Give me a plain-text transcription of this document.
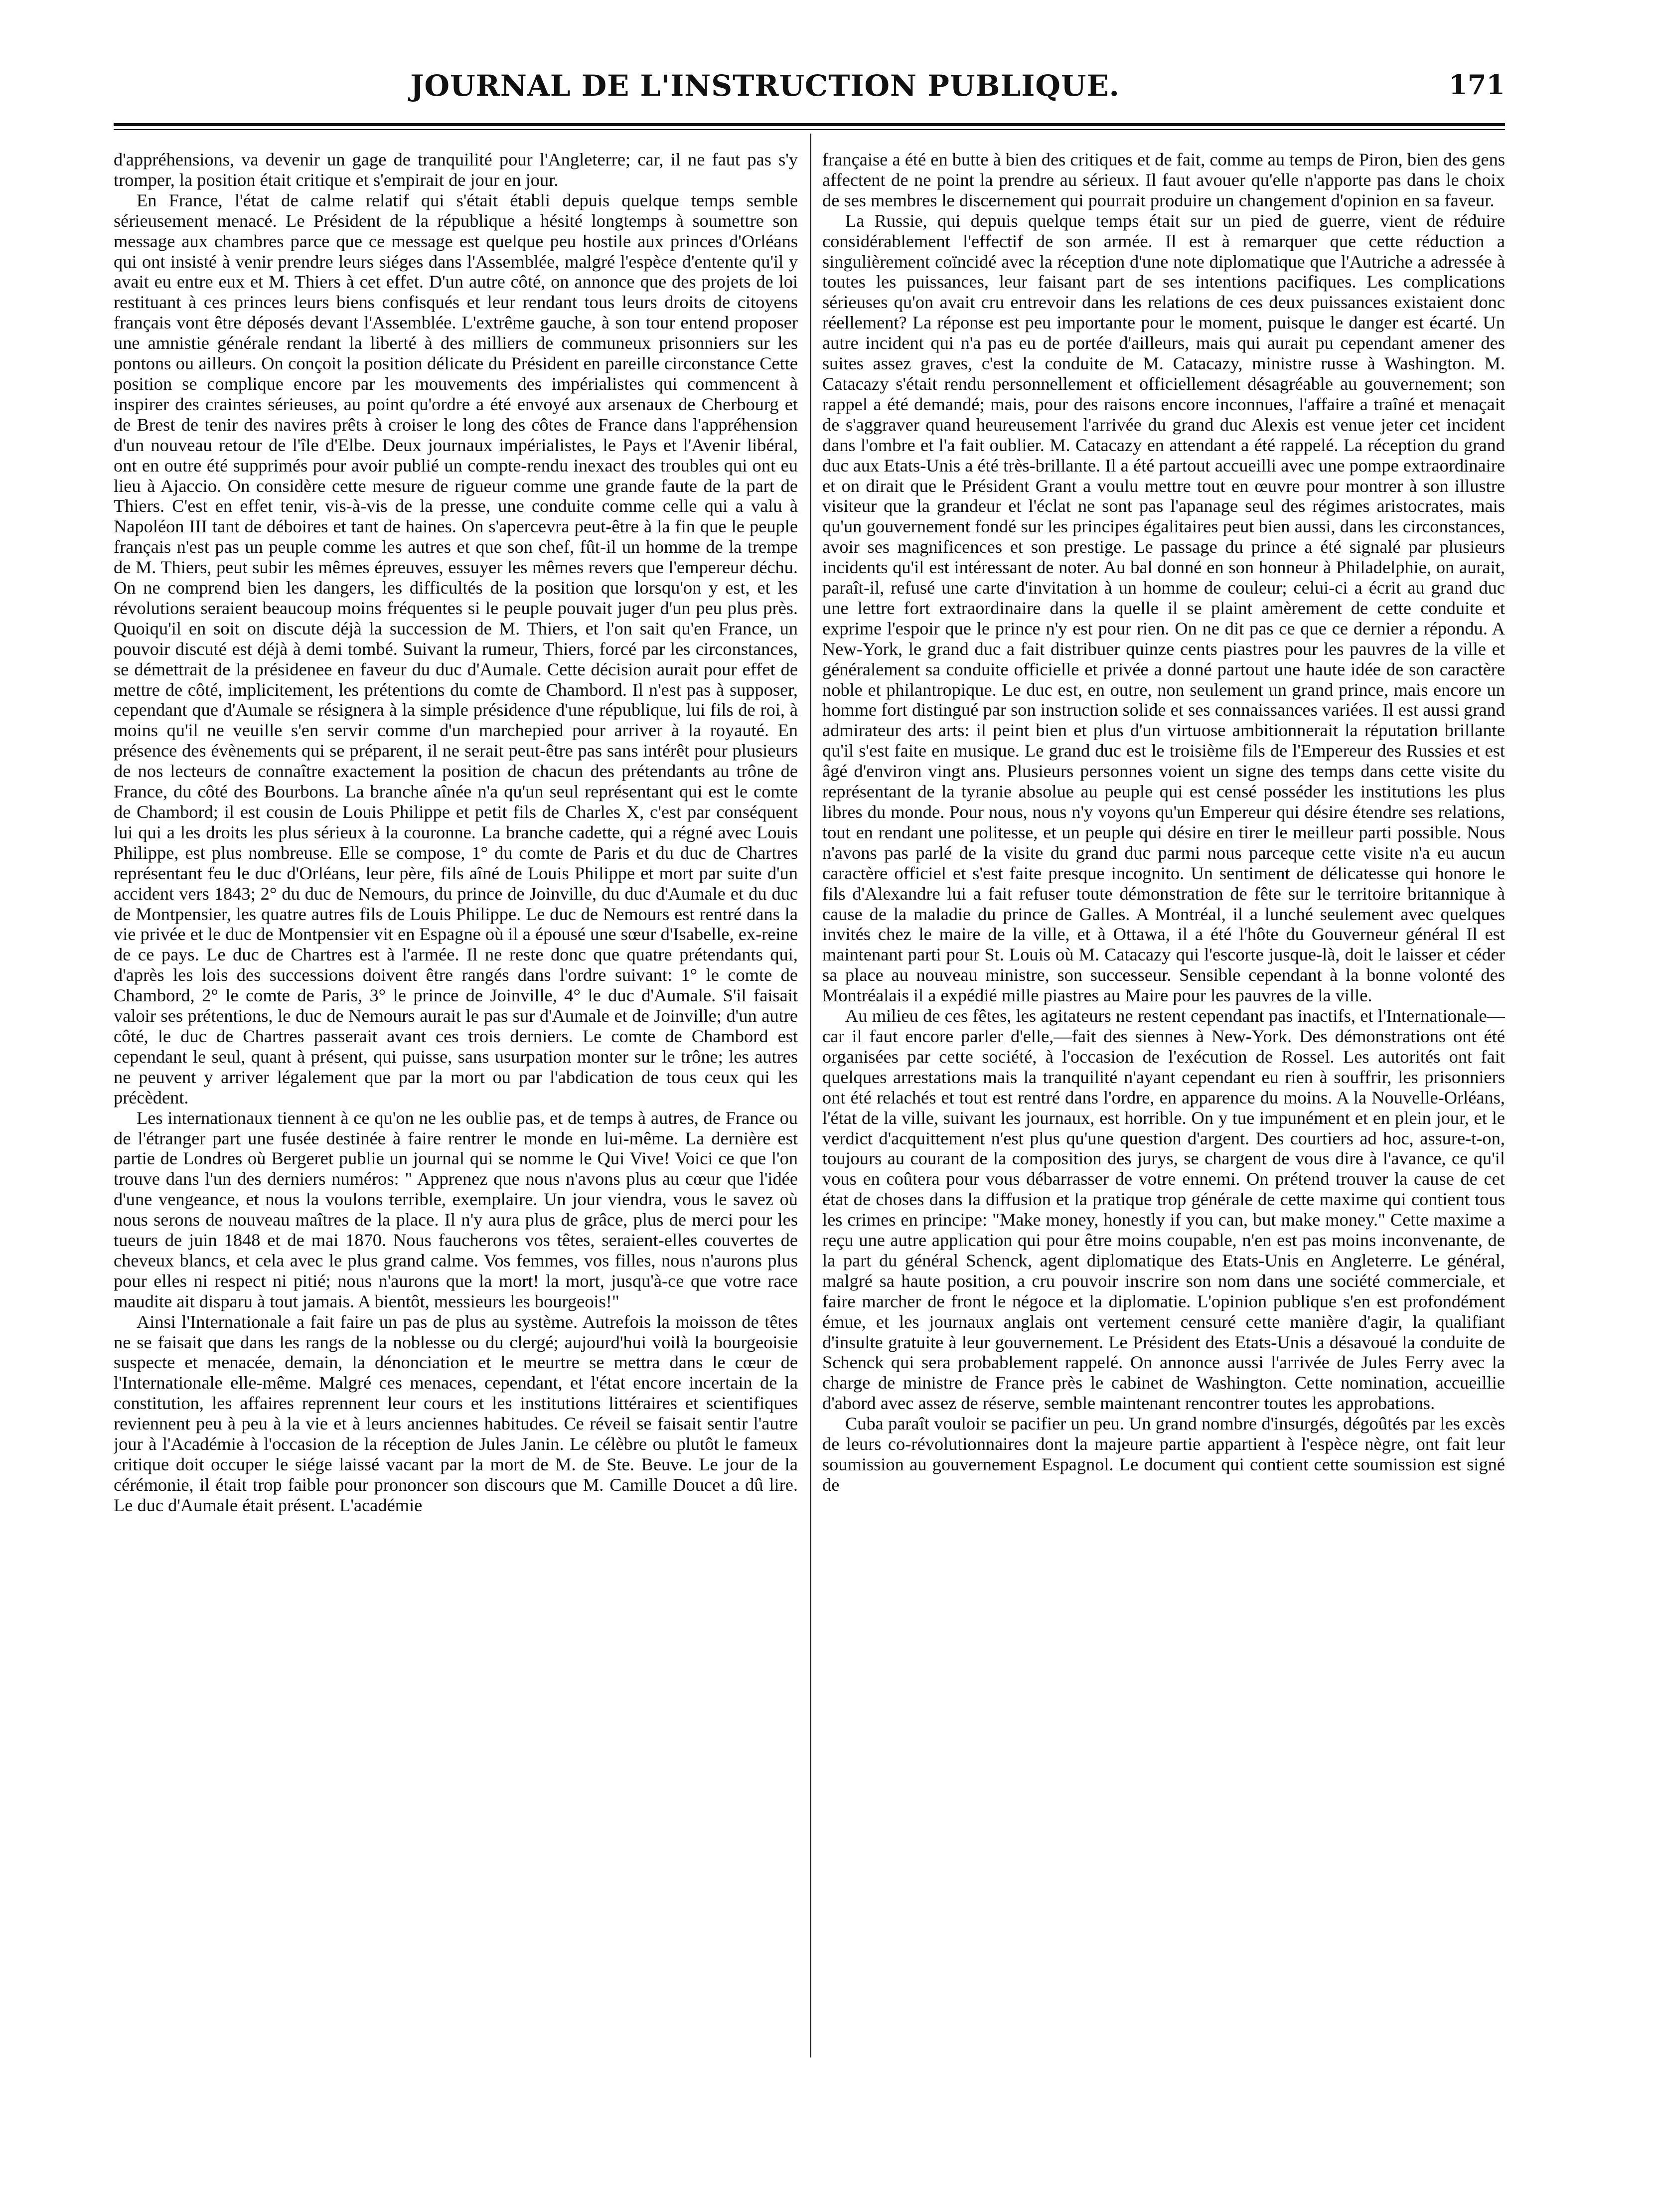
JOURNAL DE L'INSTRUCTION PUBLIQUE.	171

d'appréhensions, va devenir un gage de tranquilité pour l'Angleterre; car, il ne faut pas s'y tromper, la position était critique et s'empirait de jour en jour.

En France, l'état de calme relatif qui s'était établi depuis quelque temps semble sérieusement menacé. Le Président de la république a hésité longtemps à soumettre son message aux chambres parce que ce message est quelque peu hostile aux princes d'Orléans qui ont insisté à venir prendre leurs siéges dans l'Assemblée, malgré l'espèce d'entente qu'il y avait eu entre eux et M. Thiers à cet effet. D'un autre côté, on annonce que des projets de loi restituant à ces princes leurs biens confisqués et leur rendant tous leurs droits de citoyens français vont être déposés devant l'Assemblée. L'extrême gauche, à son tour entend proposer une amnistie générale rendant la liberté à des milliers de communeux prisonniers sur les pontons ou ailleurs. On conçoit la position délicate du Président en pareille circonstance Cette position se complique encore par les mouvements des impérialistes qui commencent à inspirer des craintes sérieuses, au point qu'ordre a été envoyé aux arsenaux de Cherbourg et de Brest de tenir des navires prêts à croiser le long des côtes de France dans l'appréhension d'un nouveau retour de l'île d'Elbe. Deux journaux impérialistes, le Pays et l'Avenir libéral, ont en outre été supprimés pour avoir publié un compte-rendu inexact des troubles qui ont eu lieu à Ajaccio. On considère cette mesure de rigueur comme une grande faute de la part de Thiers. C'est en effet tenir, vis-à-vis de la presse, une conduite comme celle qui a valu à Napoléon III tant de déboires et tant de haines. On s'apercevra peut-être à la fin que le peuple français n'est pas un peuple comme les autres et que son chef, fût-il un homme de la trempe de M. Thiers, peut subir les mêmes épreuves, essuyer les mêmes revers que l'empereur déchu. On ne comprend bien les dangers, les difficultés de la position que lorsqu'on y est, et les révolutions seraient beaucoup moins fréquentes si le peuple pouvait juger d'un peu plus près. Quoiqu'il en soit on discute déjà la succession de M. Thiers, et l'on sait qu'en France, un pouvoir discuté est déjà à demi tombé. Suivant la rumeur, Thiers, forcé par les circonstances, se démettrait de la présidenee en faveur du duc d'Aumale. Cette décision aurait pour effet de mettre de côté, implicitement, les prétentions du comte de Chambord. Il n'est pas à supposer, cependant que d'Aumale se résignera à la simple présidence d'une république, lui fils de roi, à moins qu'il ne veuille s'en servir comme d'un marchepied pour arriver à la royauté. En présence des évènements qui se préparent, il ne serait peut-être pas sans intérêt pour plusieurs de nos lecteurs de connaître exactement la position de chacun des prétendants au trône de France, du côté des Bourbons. La branche aînée n'a qu'un seul représentant qui est le comte de Chambord; il est cousin de Louis Philippe et petit fils de Charles X, c'est par conséquent lui qui a les droits les plus sérieux à la couronne. La branche cadette, qui a régné avec Louis Philippe, est plus nombreuse. Elle se compose, 1° du comte de Paris et du duc de Chartres représentant feu le duc d'Orléans, leur père, fils aîné de Louis Philippe et mort par suite d'un accident vers 1843; 2° du duc de Nemours, du prince de Joinville, du duc d'Aumale et du duc de Montpensier, les quatre autres fils de Louis Philippe. Le duc de Nemours est rentré dans la vie privée et le duc de Montpensier vit en Espagne où il a épousé une sœur d'Isabelle, ex-reine de ce pays. Le duc de Chartres est à l'armée. Il ne reste donc que quatre prétendants qui, d'après les lois des successions doivent être rangés dans l'ordre suivant: 1° le comte de Chambord, 2° le comte de Paris, 3° le prince de Joinville, 4° le duc d'Aumale. S'il faisait valoir ses prétentions, le duc de Nemours aurait le pas sur d'Aumale et de Joinville; d'un autre côté, le duc de Chartres passerait avant ces trois derniers. Le comte de Chambord est cependant le seul, quant à présent, qui puisse, sans usurpation monter sur le trône; les autres ne peuvent y arriver légalement que par la mort ou par l'abdication de tous ceux qui les précèdent.

Les internationaux tiennent à ce qu'on ne les oublie pas, et de temps à autres, de France ou de l'étranger part une fusée destinée à faire rentrer le monde en lui-même. La dernière est partie de Londres où Bergeret publie un journal qui se nomme le Qui Vive! Voici ce que l'on trouve dans l'un des derniers numéros: " Apprenez que nous n'avons plus au cœur que l'idée d'une vengeance, et nous la voulons terrible, exemplaire. Un jour viendra, vous le savez où nous serons de nouveau maîtres de la place. Il n'y aura plus de grâce, plus de merci pour les tueurs de juin 1848 et de mai 1870. Nous faucherons vos têtes, seraient-elles couvertes de cheveux blancs, et cela avec le plus grand calme. Vos femmes, vos filles, nous n'aurons plus pour elles ni respect ni pitié; nous n'aurons que la mort! la mort, jusqu'à-ce que votre race maudite ait disparu à tout jamais. A bientôt, messieurs les bourgeois!"

Ainsi l'Internationale a fait faire un pas de plus au système. Autrefois la moisson de têtes ne se faisait que dans les rangs de la noblesse ou du clergé; aujourd'hui voilà la bourgeoisie suspecte et menacée, demain, la dénonciation et le meurtre se mettra dans le cœur de l'Internationale elle-même. Malgré ces menaces, cependant, et l'état encore incertain de la constitution, les affaires reprennent leur cours et les institutions littéraires et scientifiques reviennent peu à peu à la vie et à leurs anciennes habitudes. Ce réveil se faisait sentir l'autre jour à l'Académie à l'occasion de la réception de Jules Janin. Le célèbre ou plutôt le fameux critique doit occuper le siége laissé vacant par la mort de M. de Ste. Beuve. Le jour de la cérémonie, il était trop faible pour prononcer son discours que M. Camille Doucet a dû lire. Le duc d'Aumale était présent. L'académie

française a été en butte à bien des critiques et de fait, comme au temps de Piron, bien des gens affectent de ne point la prendre au sérieux. Il faut avouer qu'elle n'apporte pas dans le choix de ses membres le discernement qui pourrait produire un changement d'opinion en sa faveur.

La Russie, qui depuis quelque temps était sur un pied de guerre, vient de réduire considérablement l'effectif de son armée. Il est à remarquer que cette réduction a singulièrement coïncidé avec la réception d'une note diplomatique que l'Autriche a adressée à toutes les puissances, leur faisant part de ses intentions pacifiques. Les complications sérieuses qu'on avait cru entrevoir dans les relations de ces deux puissances existaient donc réellement? La réponse est peu importante pour le moment, puisque le danger est écarté. Un autre incident qui n'a pas eu de portée d'ailleurs, mais qui aurait pu cependant amener des suites assez graves, c'est la conduite de M. Catacazy, ministre russe à Washington. M. Catacazy s'était rendu personnellement et officiellement désagréable au gouvernement; son rappel a été demandé; mais, pour des raisons encore inconnues, l'affaire a traîné et menaçait de s'aggraver quand heureusement l'arrivée du grand duc Alexis est venue jeter cet incident dans l'ombre et l'a fait oublier. M. Catacazy en attendant a été rappelé. La réception du grand duc aux Etats-Unis a été très-brillante. Il a été partout accueilli avec une pompe extraordinaire et on dirait que le Président Grant a voulu mettre tout en œuvre pour montrer à son illustre visiteur que la grandeur et l'éclat ne sont pas l'apanage seul des régimes aristocrates, mais qu'un gouvernement fondé sur les principes égalitaires peut bien aussi, dans les circonstances, avoir ses magnificences et son prestige. Le passage du prince a été signalé par plusieurs incidents qu'il est intéressant de noter. Au bal donné en son honneur à Philadelphie, on aurait, paraît-il, refusé une carte d'invitation à un homme de couleur; celui-ci a écrit au grand duc une lettre fort extraordinaire dans la quelle il se plaint amèrement de cette conduite et exprime l'espoir que le prince n'y est pour rien. On ne dit pas ce que ce dernier a répondu. A New-York, le grand duc a fait distribuer quinze cents piastres pour les pauvres de la ville et généralement sa conduite officielle et privée a donné partout une haute idée de son caractère noble et philantropique. Le duc est, en outre, non seulement un grand prince, mais encore un homme fort distingué par son instruction solide et ses connaissances variées. Il est aussi grand admirateur des arts: il peint bien et plus d'un virtuose ambitionnerait la réputation brillante qu'il s'est faite en musique. Le grand duc est le troisième fils de l'Empereur des Russies et est âgé d'environ vingt ans. Plusieurs personnes voient un signe des temps dans cette visite du représentant de la tyranie absolue au peuple qui est censé posséder les institutions les plus libres du monde. Pour nous, nous n'y voyons qu'un Empereur qui désire étendre ses relations, tout en rendant une politesse, et un peuple qui désire en tirer le meilleur parti possible. Nous n'avons pas parlé de la visite du grand duc parmi nous parceque cette visite n'a eu aucun caractère officiel et s'est faite presque incognito. Un sentiment de délicatesse qui honore le fils d'Alexandre lui a fait refuser toute démonstration de fête sur le territoire britannique à cause de la maladie du prince de Galles. A Montréal, il a lunché seulement avec quelques invités chez le maire de la ville, et à Ottawa, il a été l'hôte du Gouverneur général Il est maintenant parti pour St. Louis où M. Catacazy qui l'escorte jusque-là, doit le laisser et céder sa place au nouveau ministre, son successeur. Sensible cependant à la bonne volonté des Montréalais il a expédié mille piastres au Maire pour les pauvres de la ville.

Au milieu de ces fêtes, les agitateurs ne restent cependant pas inactifs, et l'Internationale—car il faut encore parler d'elle,—fait des siennes à New-York. Des démonstrations ont été organisées par cette société, à l'occasion de l'exécution de Rossel. Les autorités ont fait quelques arrestations mais la tranquilité n'ayant cependant eu rien à souffrir, les prisonniers ont été relachés et tout est rentré dans l'ordre, en apparence du moins. A la Nouvelle-Orléans, l'état de la ville, suivant les journaux, est horrible. On y tue impunément et en plein jour, et le verdict d'acquittement n'est plus qu'une question d'argent. Des courtiers ad hoc, assure-t-on, toujours au courant de la composition des jurys, se chargent de vous dire à l'avance, ce qu'il vous en coûtera pour vous débarrasser de votre ennemi. On prétend trouver la cause de cet état de choses dans la diffusion et la pratique trop générale de cette maxime qui contient tous les crimes en principe: "Make money, honestly if you can, but make money." Cette maxime a reçu une autre application qui pour être moins coupable, n'en est pas moins inconvenante, de la part du général Schenck, agent diplomatique des Etats-Unis en Angleterre. Le général, malgré sa haute position, a cru pouvoir inscrire son nom dans une société commerciale, et faire marcher de front le négoce et la diplomatie. L'opinion publique s'en est profondément émue, et les journaux anglais ont vertement censuré cette manière d'agir, la qualifiant d'insulte gratuite à leur gouvernement. Le Président des Etats-Unis a désavoué la conduite de Schenck qui sera probablement rappelé. On annonce aussi l'arrivée de Jules Ferry avec la charge de ministre de France près le cabinet de Washington. Cette nomination, accueillie d'abord avec assez de réserve, semble maintenant rencontrer toutes les approbations.

Cuba paraît vouloir se pacifier un peu. Un grand nombre d'insurgés, dégoûtés par les excès de leurs co-révolutionnaires dont la majeure partie appartient à l'espèce nègre, ont fait leur soumission au gouvernement Espagnol. Le document qui contient cette soumission est signé de
